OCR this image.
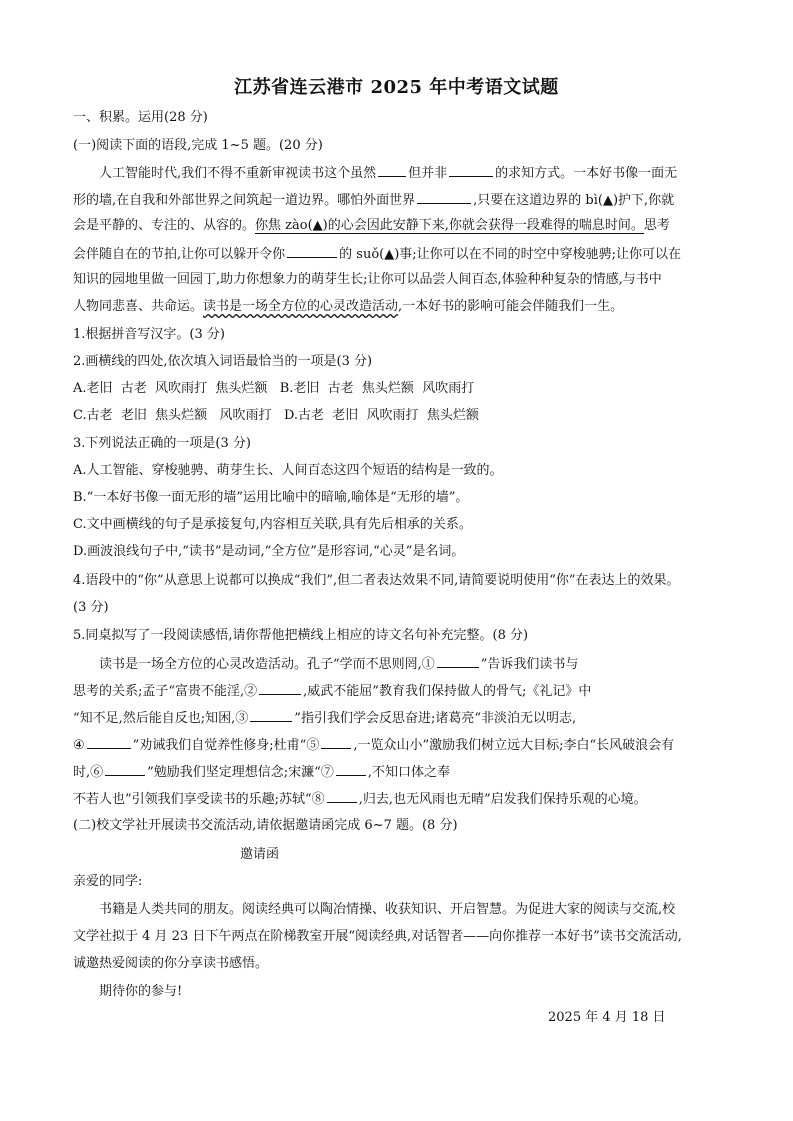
江苏省连云港市 2025 年中考语文试题
一、积累。运用(28 分)
(一)阅读下面的语段,完成 1~5 题。(20 分)
人工智能时代,我们不得不重新审视读书这个虽然 但并非	的求知方式。一本好书像一面无
形的墙,在自我和外部世界之间筑起一道边界。哪怕外面世界	,只要在这道边界的 bì(▲)护下,你就
会是平静的、专注的、从容的。你焦 zào(▲)的心会因此安静下来,你就会获得一段难得的喘息时间。思考
会伴随自在的节拍,让你可以躲开令你	的 suǒ(▲)事;让你可以在不同的时空中穿梭驰骋;让你可以在
知识的园地里做一回园丁,助力你想象力的萌芽生长;让你可以品尝人间百态,体验种种复杂的情感,与书中
人物同悲喜、共命运。读书是一场全方位的心灵改造活动,一本好书的影响可能会伴随我们一生。
1.根据拼音写汉字。(3 分)
2.画横线的四处,依次填入词语最恰当的一项是(3 分)
A.老旧  古老  风吹雨打  焦头烂额   B.老旧  古老  焦头烂额  风吹雨打
C.古老  老旧  焦头烂额   风吹雨打   D.古老  老旧  风吹雨打  焦头烂额
3.下列说法正确的一项是(3 分)
A.人工智能、穿梭驰骋、萌芽生长、人间百态这四个短语的结构是一致的。
B.“一本好书像一面无形的墙”运用比喻中的暗喻,喻体是“无形的墙”。
C.文中画横线的句子是承接复句,内容相互关联,具有先后相承的关系。
D.画波浪线句子中,“读书”是动词,“全方位”是形容词,“心灵”是名词。
4.语段中的“你”从意思上说都可以换成“我们”,但二者表达效果不同,请简要说明使用“你”在表达上的效果。
(3 分)
5.同桌拟写了一段阅读感悟,请你帮他把横线上相应的诗文名句补充完整。(8 分)
读书是一场全方位的心灵改造活动。孔子“学而不思则罔,①	”告诉我们读书与
思考的关系;孟子“富贵不能淫,②	,威武不能屈”教育我们保持做人的骨气;《礼记》中
“知不足,然后能自反也;知困,③	”指引我们学会反思奋进;诸葛亮“非淡泊无以明志,
④	”劝诫我们自觉养性修身;杜甫“⑤	,一览众山小”激励我们树立远大目标;李白“长风破浪会有
时,⑥	”勉励我们坚定理想信念;宋濂“⑦	,不知口体之奉
不若人也”引领我们享受读书的乐趣;苏轼“⑧	,归去,也无风雨也无晴”启发我们保持乐观的心境。
(二)校文学社开展读书交流活动,请依据邀请函完成 6~7 题。(8 分)
邀请函
亲爱的同学:
书籍是人类共同的朋友。阅读经典可以陶冶情操、收获知识、开启智慧。为促进大家的阅读与交流,校
文学社拟于 4 月 23 日下午两点在阶梯教室开展“阅读经典,对话智者——向你推荐一本好书”读书交流活动,
诚邀热爱阅读的你分享读书感悟。
期待你的参与!
2025 年 4 月 18 日
